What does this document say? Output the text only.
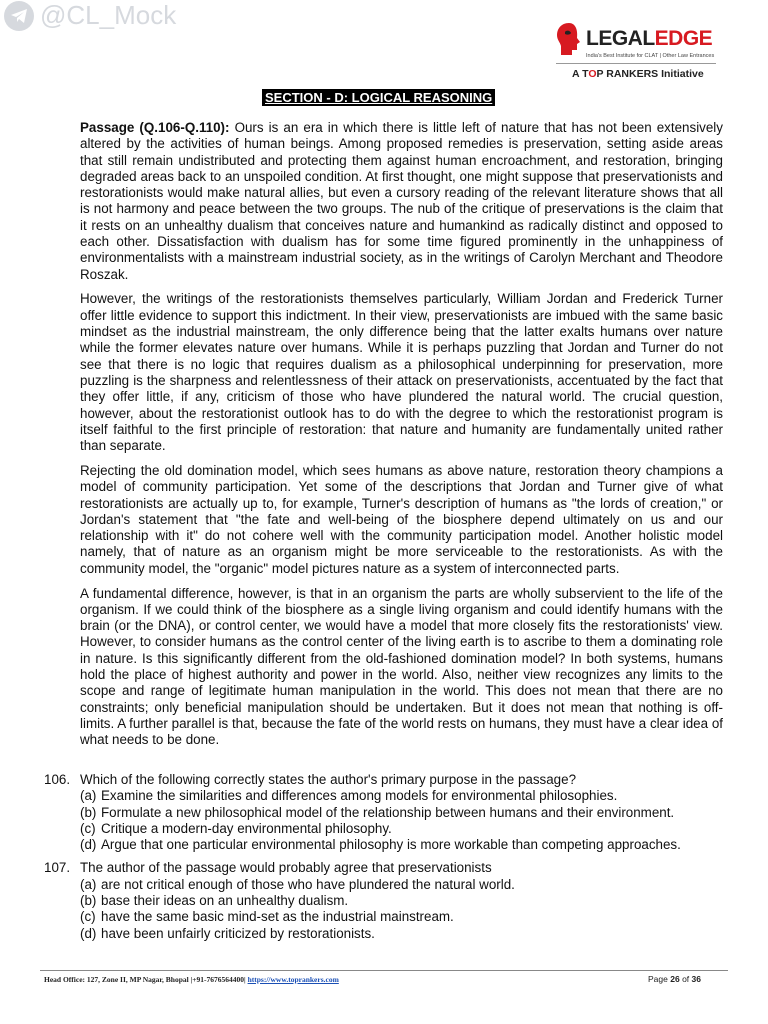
@CL_Mock
LEGALEDGE
India's Best Institute for CLAT | Other Law Entrances
A TOP RANKERS Initiative
SECTION - D: LOGICAL REASONING

Passage (Q.106-Q.110): Ours is an era in which there is little left of nature that has not been extensively altered by the activities of human beings. Among proposed remedies is preservation, setting aside areas that still remain undistributed and protecting them against human encroachment, and restoration, bringing degraded areas back to an unspoiled condition. At first thought, one might suppose that preservationists and restorationists would make natural allies, but even a cursory reading of the relevant literature shows that all is not harmony and peace between the two groups. The nub of the critique of preservations is the claim that it rests on an unhealthy dualism that conceives nature and humankind as radically distinct and opposed to each other. Dissatisfaction with dualism has for some time figured prominently in the unhappiness of environmentalists with a mainstream industrial society, as in the writings of Carolyn Merchant and Theodore Roszak.

However, the writings of the restorationists themselves particularly, William Jordan and Frederick Turner offer little evidence to support this indictment. In their view, preservationists are imbued with the same basic mindset as the industrial mainstream, the only difference being that the latter exalts humans over nature while the former elevates nature over humans. While it is perhaps puzzling that Jordan and Turner do not see that there is no logic that requires dualism as a philosophical underpinning for preservation, more puzzling is the sharpness and relentlessness of their attack on preservationists, accentuated by the fact that they offer little, if any, criticism of those who have plundered the natural world. The crucial question, however, about the restorationist outlook has to do with the degree to which the restorationist program is itself faithful to the first principle of restoration: that nature and humanity are fundamentally united rather than separate.

Rejecting the old domination model, which sees humans as above nature, restoration theory champions a model of community participation. Yet some of the descriptions that Jordan and Turner give of what restorationists are actually up to, for example, Turner's description of humans as "the lords of creation," or Jordan's statement that "the fate and well-being of the biosphere depend ultimately on us and our relationship with it" do not cohere well with the community participation model. Another holistic model namely, that of nature as an organism might be more serviceable to the restorationists. As with the community model, the "organic" model pictures nature as a system of interconnected parts.

A fundamental difference, however, is that in an organism the parts are wholly subservient to the life of the organism. If we could think of the biosphere as a single living organism and could identify humans with the brain (or the DNA), or control center, we would have a model that more closely fits the restorationists' view. However, to consider humans as the control center of the living earth is to ascribe to them a dominating role in nature. Is this significantly different from the old-fashioned domination model? In both systems, humans hold the place of highest authority and power in the world. Also, neither view recognizes any limits to the scope and range of legitimate human manipulation in the world. This does not mean that there are no constraints; only beneficial manipulation should be undertaken. But it does not mean that nothing is off-limits. A further parallel is that, because the fate of the world rests on humans, they must have a clear idea of what needs to be done.

106. Which of the following correctly states the author's primary purpose in the passage?
(a) Examine the similarities and differences among models for environmental philosophies.
(b) Formulate a new philosophical model of the relationship between humans and their environment.
(c) Critique a modern-day environmental philosophy.
(d) Argue that one particular environmental philosophy is more workable than competing approaches.
107. The author of the passage would probably agree that preservationists
(a) are not critical enough of those who have plundered the natural world.
(b) base their ideas on an unhealthy dualism.
(c) have the same basic mind-set as the industrial mainstream.
(d) have been unfairly criticized by restorationists.
Head Office: 127, Zone II, MP Nagar, Bhopal |+91-7676564400| https://www.toprankers.com	Page 26 of 36
